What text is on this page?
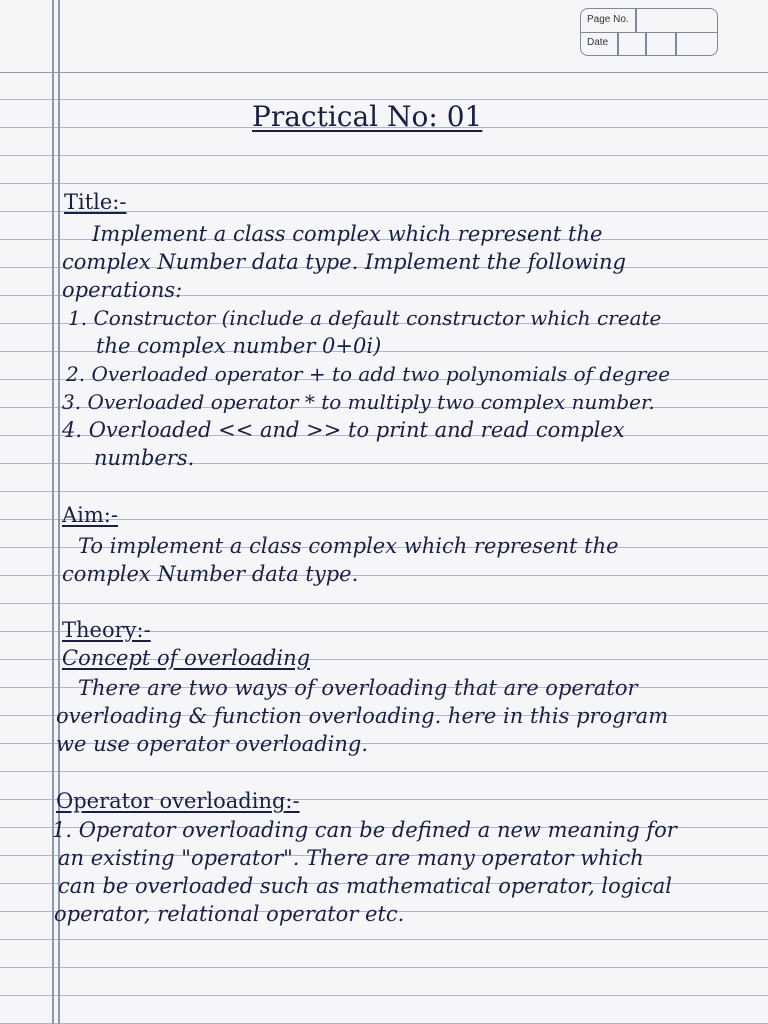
Page No.
Date
Practical No: 01
Title:-
Implement a class complex which represent the
complex Number data type. Implement the following
operations:
1. Constructor (include a default constructor which create
the complex number 0+0i)
2. Overloaded operator + to add two polynomials of degree
3. Overloaded operator * to multiply two complex number.
4. Overloaded << and >> to print and read complex
numbers.
Aim:-
To implement a class complex which represent the
complex Number data type.
Theory:-
Concept of overloading
There are two ways of overloading that are operator
overloading & function overloading. here in this program
we use operator overloading.
Operator overloading:-
1. Operator overloading can be defined a new meaning for
an existing "operator". There are many operator which
can be overloaded such as mathematical operator, logical
operator, relational operator etc.
